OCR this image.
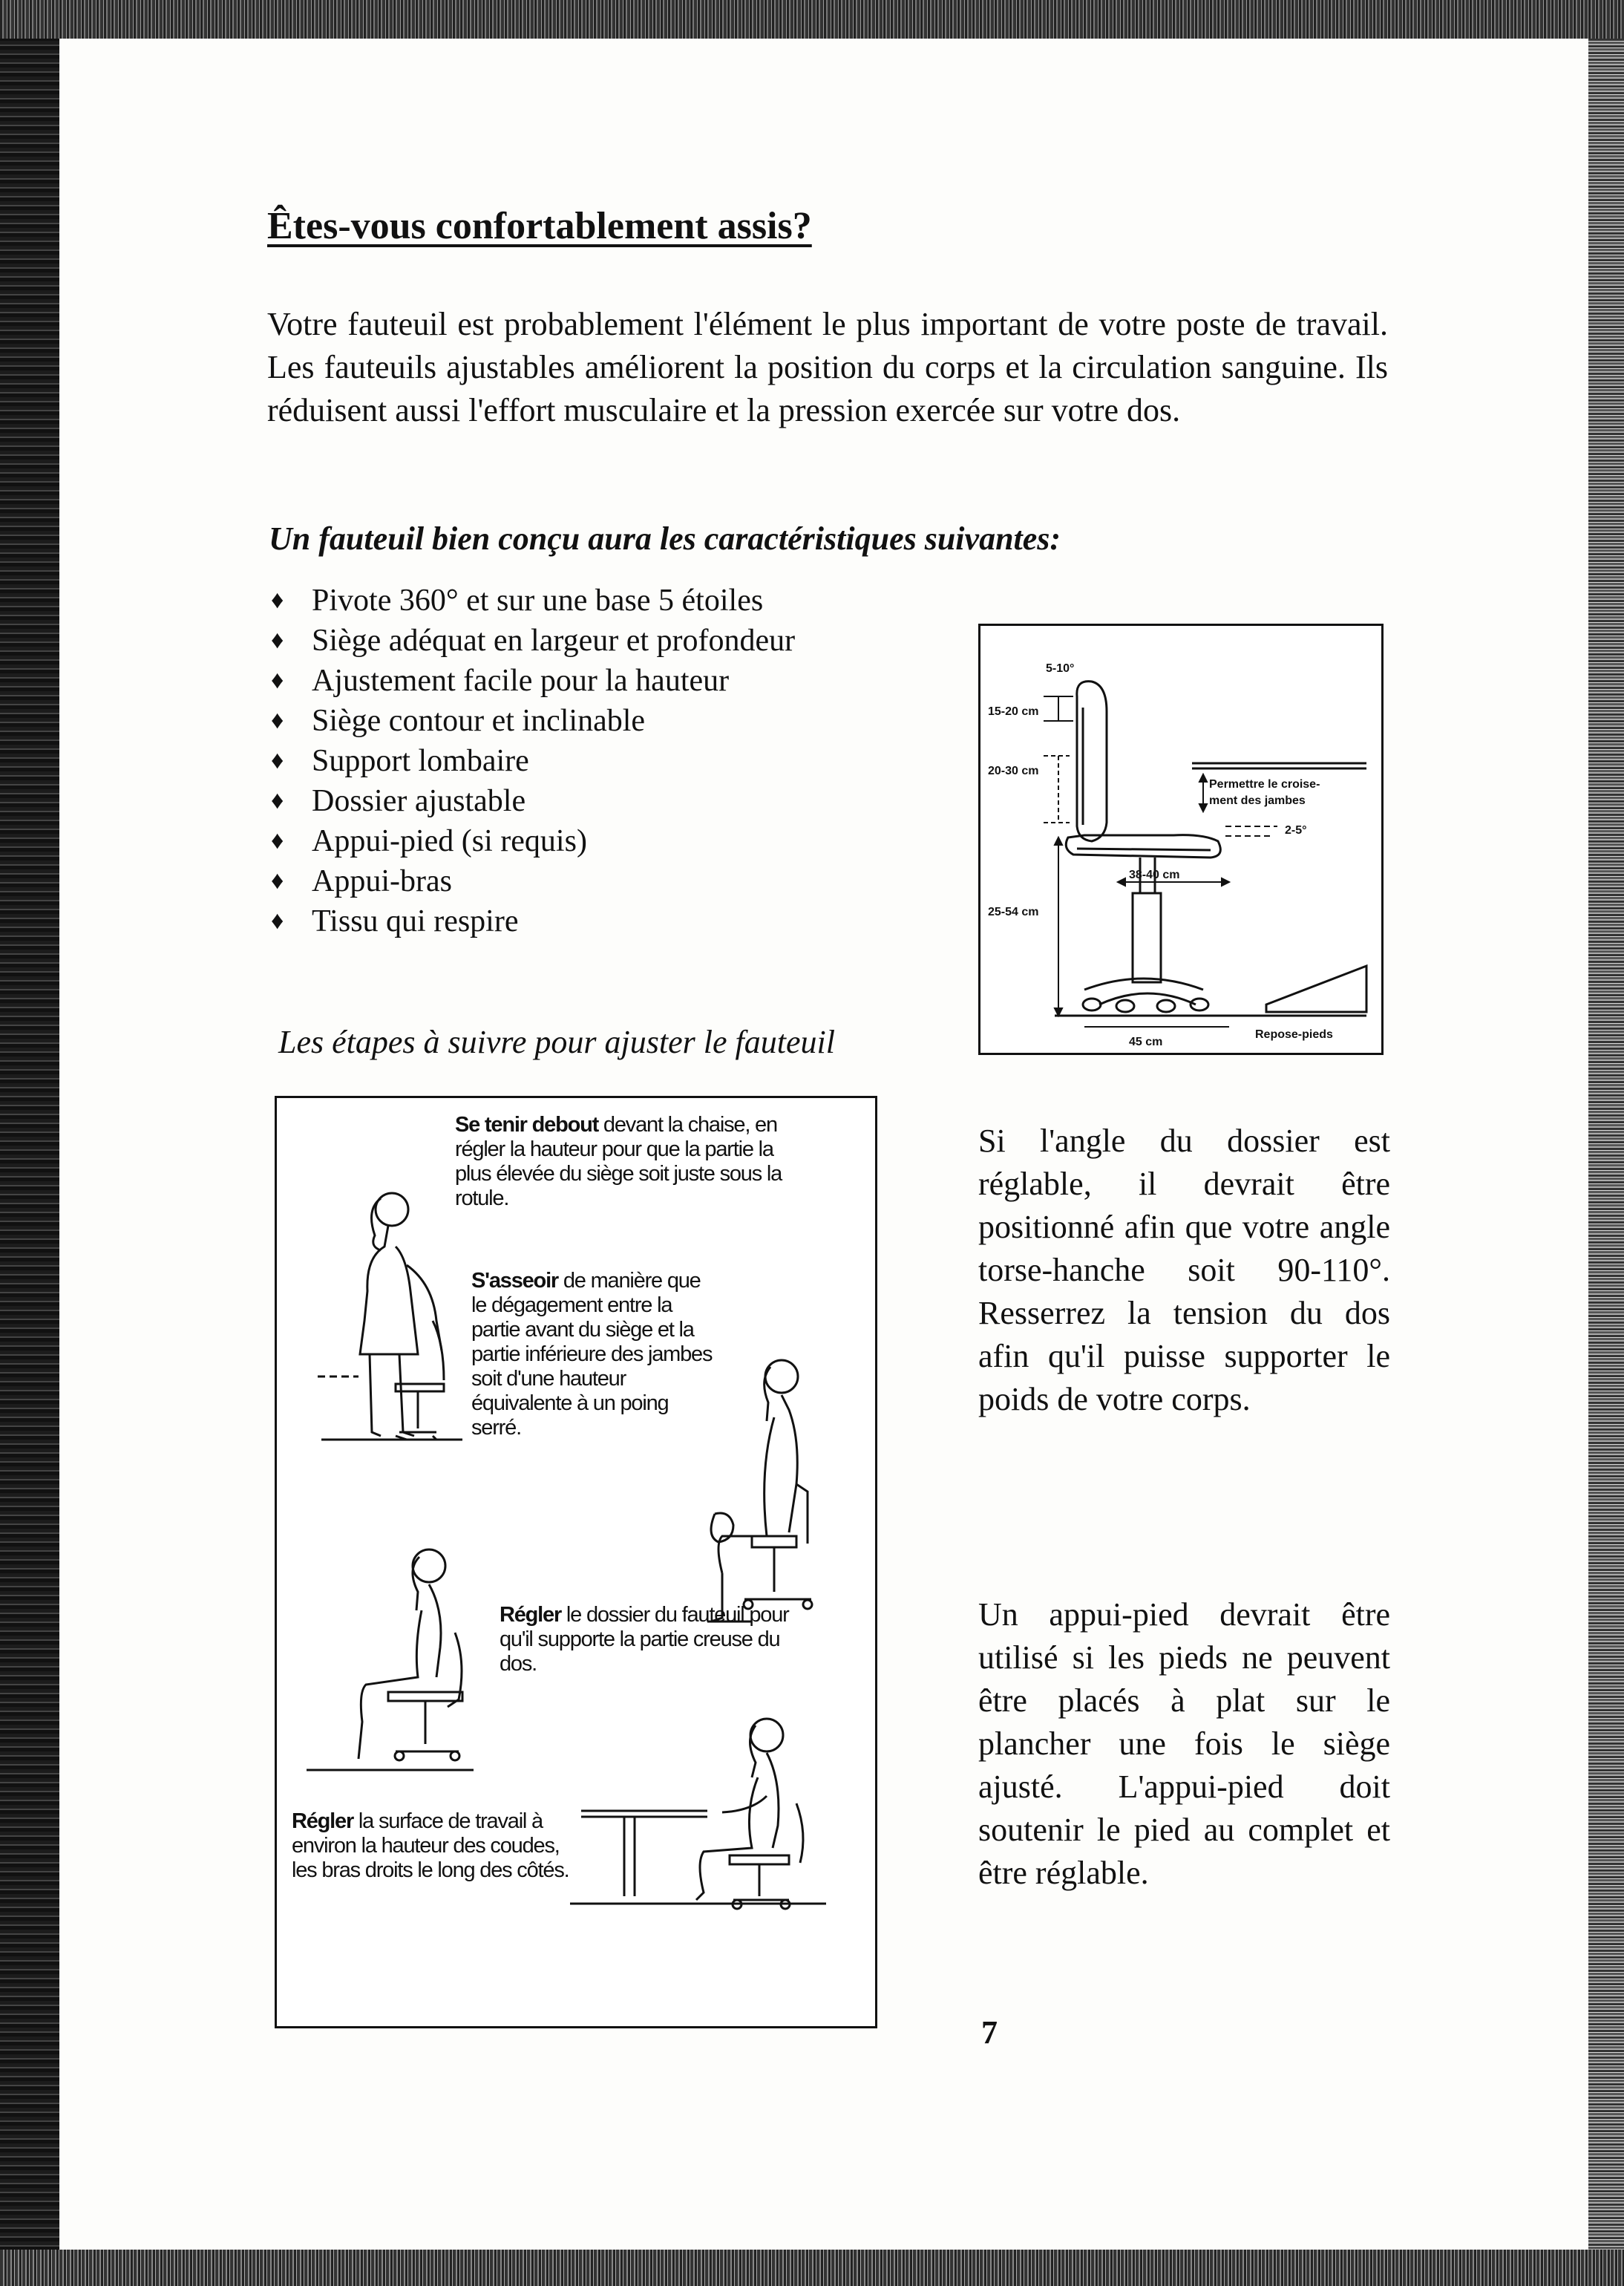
Êtes-vous confortablement assis?

Votre fauteuil est probablement l'élément le plus important de votre poste de travail. Les fauteuils ajustables améliorent la position du corps et la circulation sanguine. Ils réduisent aussi l'effort musculaire et la pression exercée sur votre dos.

Un fauteuil bien conçu aura les caractéristiques suivantes:

♦ Pivote 360° et sur une base 5 étoiles
♦ Siège adéquat en largeur et profondeur
♦ Ajustement facile pour la hauteur
♦ Siège contour et inclinable
♦ Support lombaire
♦ Dossier ajustable
♦ Appui-pied (si requis)
♦ Appui-bras
♦ Tissu qui respire
5-10°
15-20 cm
20-30 cm
Permettre le croise-
ment des jambes
2-5°
38-40 cm
25-54 cm
45 cm
Repose-pieds

Les étapes à suivre pour ajuster le fauteuil

Se tenir debout devant la chaise, en régler la hauteur pour que la partie la plus élevée du siège soit juste sous la rotule.

S'asseoir de manière que le dégagement entre la partie avant du siège et la partie inférieure des jambes soit d'une hauteur équivalente à un poing serré.

Régler le dossier du fauteuil pour qu'il supporte la partie creuse du dos.

Régler la surface de travail à environ la hauteur des coudes, les bras droits le long des côtés.

Si l'angle du dossier est réglable, il devrait être positionné afin que votre angle torse-hanche soit 90-110°. Resserrez la tension du dos afin qu'il puisse supporter le poids de votre corps.

Un appui-pied devrait être utilisé si les pieds ne peuvent être placés à plat sur le plancher une fois le siège ajusté. L'appui-pied doit soutenir le pied au complet et être réglable.

7
